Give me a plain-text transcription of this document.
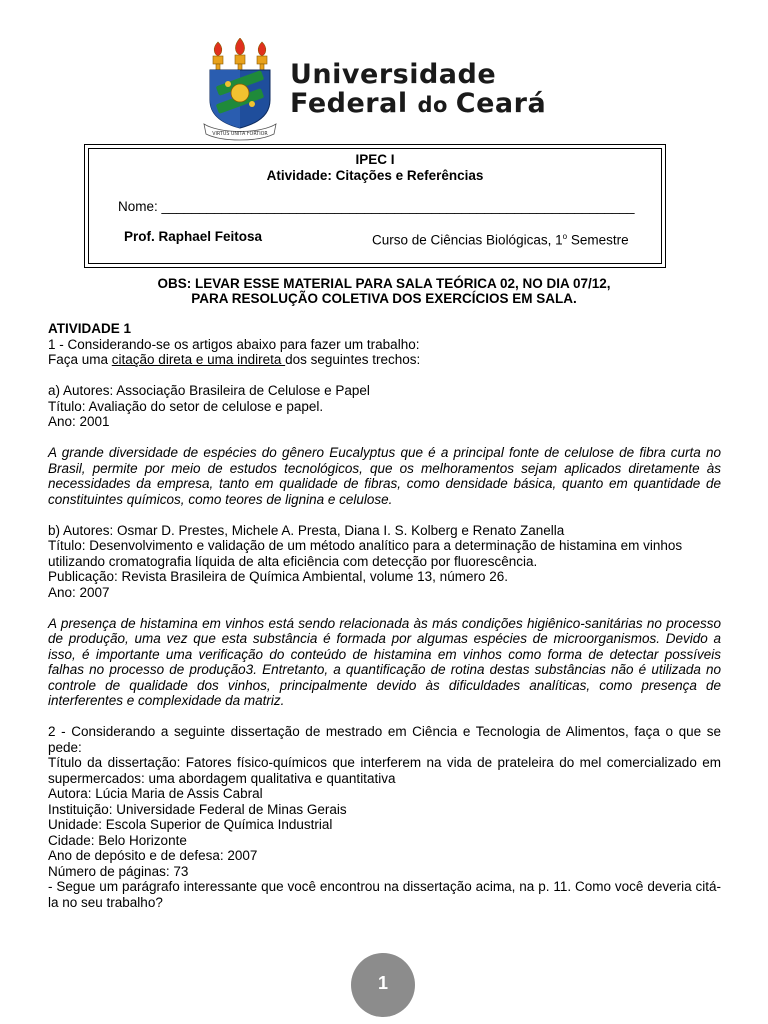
VIRTUS UNITA FORTIOR
Universidade
Federal do Ceará
IPEC I
Atividade: Citações e Referências
Nome: _______________________________________________________________
Prof. Raphael Feitosa	Curso de Ciências Biológicas, 1$^o$ Semestre
OBS: LEVAR ESSE MATERIAL PARA SALA TEÓRICA 02, NO DIA 07/12,
PARA RESOLUÇÃO COLETIVA DOS EXERCÍCIOS EM SALA.

ATIVIDADE 1

1 - Considerando-se os artigos abaixo para fazer um trabalho:

Faça uma citação direta e uma indireta dos seguintes trechos:

a) Autores: Associação Brasileira de Celulose e Papel

Título: Avaliação do setor de celulose e papel.

Ano: 2001

A grande diversidade de espécies do gênero Eucalyptus que é a principal fonte de celulose de fibra curta no Brasil, permite por meio de estudos tecnológicos, que os melhoramentos sejam aplicados diretamente às necessidades da empresa, tanto em qualidade de fibras, como densidade básica, quanto em quantidade de constituintes químicos, como teores de lignina e celulose.

b) Autores: Osmar D. Prestes, Michele A. Presta, Diana I. S. Kolberg e Renato Zanella

Título: Desenvolvimento e validação de um método analítico para a determinação de histamina em vinhos utilizando cromatografia líquida de alta eficiência com detecção por fluorescência.

Publicação: Revista Brasileira de Química Ambiental, volume 13, número 26.

Ano: 2007

A presença de histamina em vinhos está sendo relacionada às más condições higiênico-sanitárias no processo de produção, uma vez que esta substância é formada por algumas espécies de microorganismos. Devido a isso, é importante uma verificação do conteúdo de histamina em vinhos como forma de detectar possíveis falhas no processo de produção3. Entretanto, a quantificação de rotina destas substâncias não é utilizada no controle de qualidade dos vinhos, principalmente devido às dificuldades analíticas, como presença de interferentes e complexidade da matriz.

2 - Considerando a seguinte dissertação de mestrado em Ciência e Tecnologia de Alimentos, faça o que se pede:

Título da dissertação: Fatores físico-químicos que interferem na vida de prateleira do mel comercializado em supermercados: uma abordagem qualitativa e quantitativa

Autora: Lúcia Maria de Assis Cabral

Instituição: Universidade Federal de Minas Gerais

Unidade: Escola Superior de Química Industrial

Cidade: Belo Horizonte

Ano de depósito e de defesa: 2007

Número de páginas: 73

- Segue um parágrafo interessante que você encontrou na dissertação acima, na p. 11. Como você deveria citá-la no seu trabalho?

1
